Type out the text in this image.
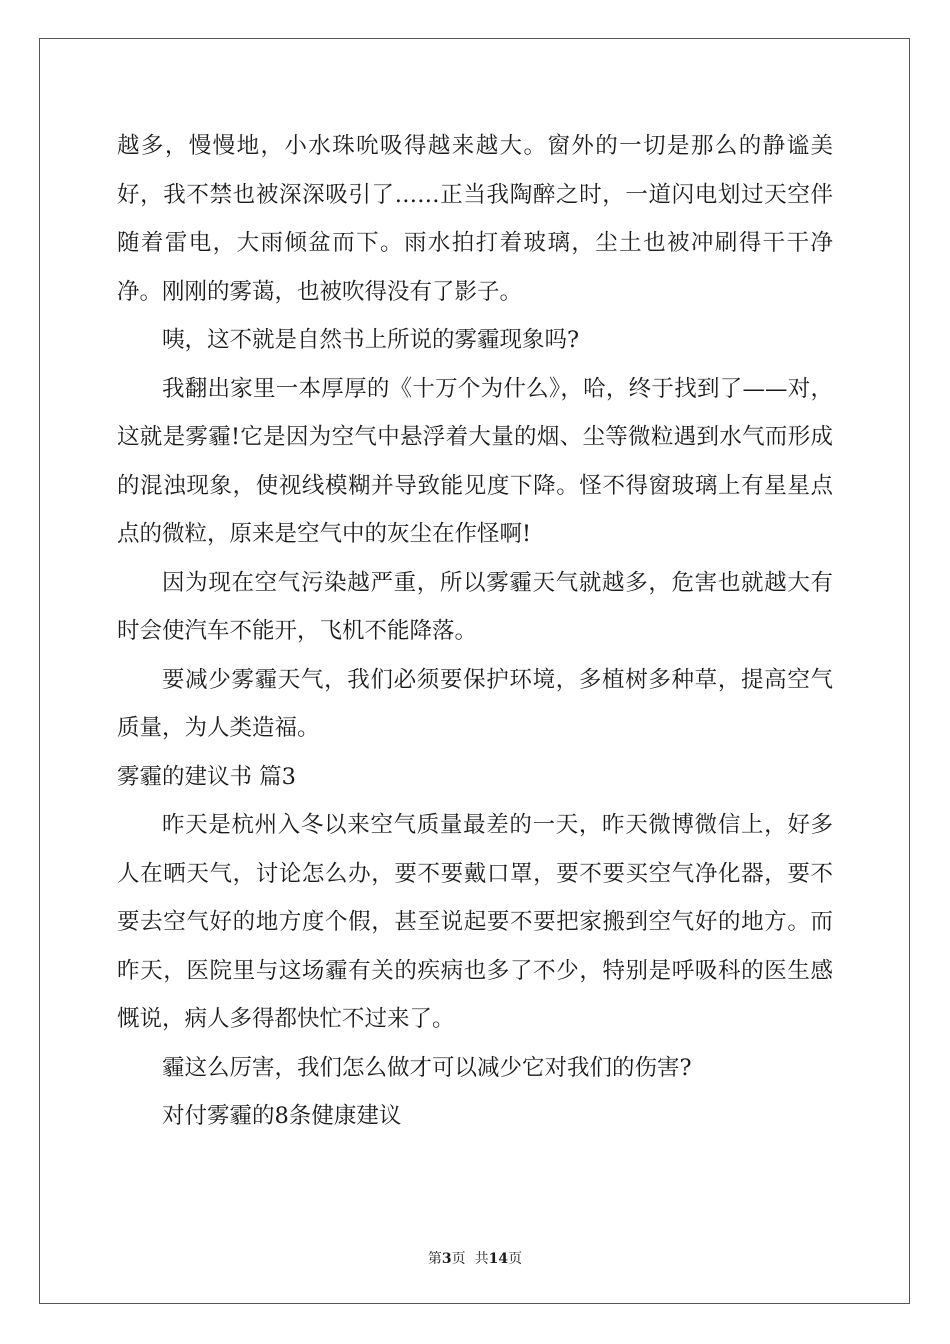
越多，慢慢地，小水珠吮吸得越来越大。窗外的一切是那么的静谧美好，我不禁也被深深吸引了……正当我陶醉之时，一道闪电划过天空伴随着雷电，大雨倾盆而下。雨水拍打着玻璃，尘土也被冲刷得干干净净。刚刚的雾蔼，也被吹得没有了影子。

咦，这不就是自然书上所说的雾霾现象吗?

我翻出家里一本厚厚的《十万个为什么》，哈，终于找到了——对，这就是雾霾!它是因为空气中悬浮着大量的烟、尘等微粒遇到水气而形成的混浊现象，使视线模糊并导致能见度下降。怪不得窗玻璃上有星星点点的微粒，原来是空气中的灰尘在作怪啊!

因为现在空气污染越严重，所以雾霾天气就越多，危害也就越大有时会使汽车不能开，飞机不能降落。

要减少雾霾天气，我们必须要保护环境，多植树多种草，提高空气质量，为人类造福。

雾霾的建议书 篇3

昨天是杭州入冬以来空气质量最差的一天，昨天微博微信上，好多人在晒天气，讨论怎么办，要不要戴口罩，要不要买空气净化器，要不要去空气好的地方度个假，甚至说起要不要把家搬到空气好的地方。而昨天，医院里与这场霾有关的疾病也多了不少，特别是呼吸科的医生感慨说，病人多得都快忙不过来了。

霾这么厉害，我们怎么做才可以减少它对我们的伤害?

对付雾霾的8条健康建议

第3页  共14页
